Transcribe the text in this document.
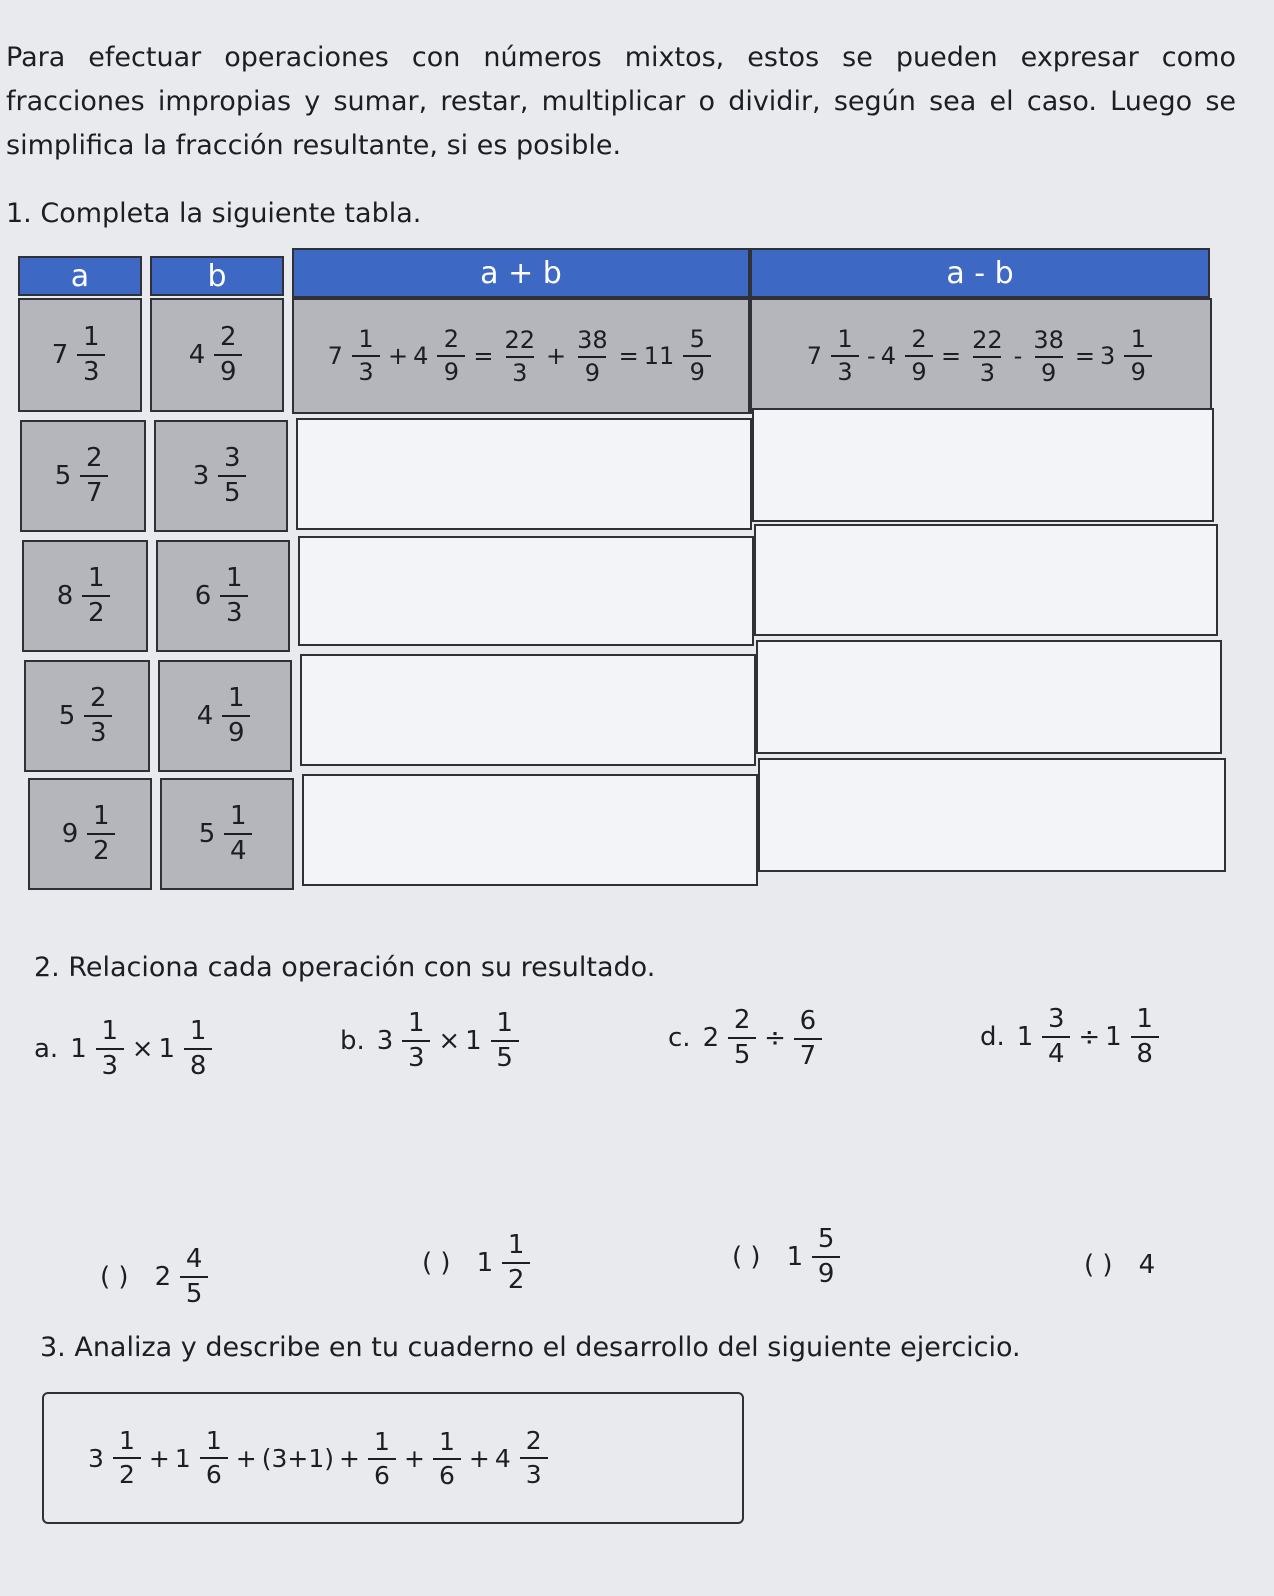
Para efectuar operaciones con números mixtos, estos se pueden expresar como fracciones impropias y sumar, restar, multiplicar o dividir, según sea el caso. Luego se simplifica la fracción resultante, si es posible.
1. Completa la siguiente tabla.
a	b	a + b	a - b
$7 \frac{1}{3}$	$4 \frac{2}{9}$	$7 \frac{1}{3} + 4 \frac{2}{9} = \frac{22}{3} + \frac{38}{9} = 11 \frac{5}{9}$	$7 \frac{1}{3} - 4 \frac{2}{9} = \frac{22}{3} - \frac{38}{9} = 3 \frac{1}{9}$
$5 \frac{2}{7}$	$3 \frac{3}{5}$
$8 \frac{1}{2}$	$6 \frac{1}{3}$
$5 \frac{2}{3}$	$4 \frac{1}{9}$
$9 \frac{1}{2}$	$5 \frac{1}{4}$
2. Relaciona cada operación con su resultado.
a. $1 \frac{1}{3} \times 1 \frac{1}{8}$	b. $3 \frac{1}{3} \times 1 \frac{1}{5}$	c. $2 \frac{2}{5} \div \frac{6}{7}$	d. $1 \frac{3}{4} \div 1 \frac{1}{8}$
( ) $2 \frac{4}{5}$	( ) $1 \frac{1}{2}$	( ) $1 \frac{5}{9}$	( ) 4
3. Analiza y describe en tu cuaderno el desarrollo del siguiente ejercicio.
$3 \frac{1}{2} + 1 \frac{1}{6} + (3+1) + \frac{1}{6} + \frac{1}{6} + 4 \frac{2}{3}$
